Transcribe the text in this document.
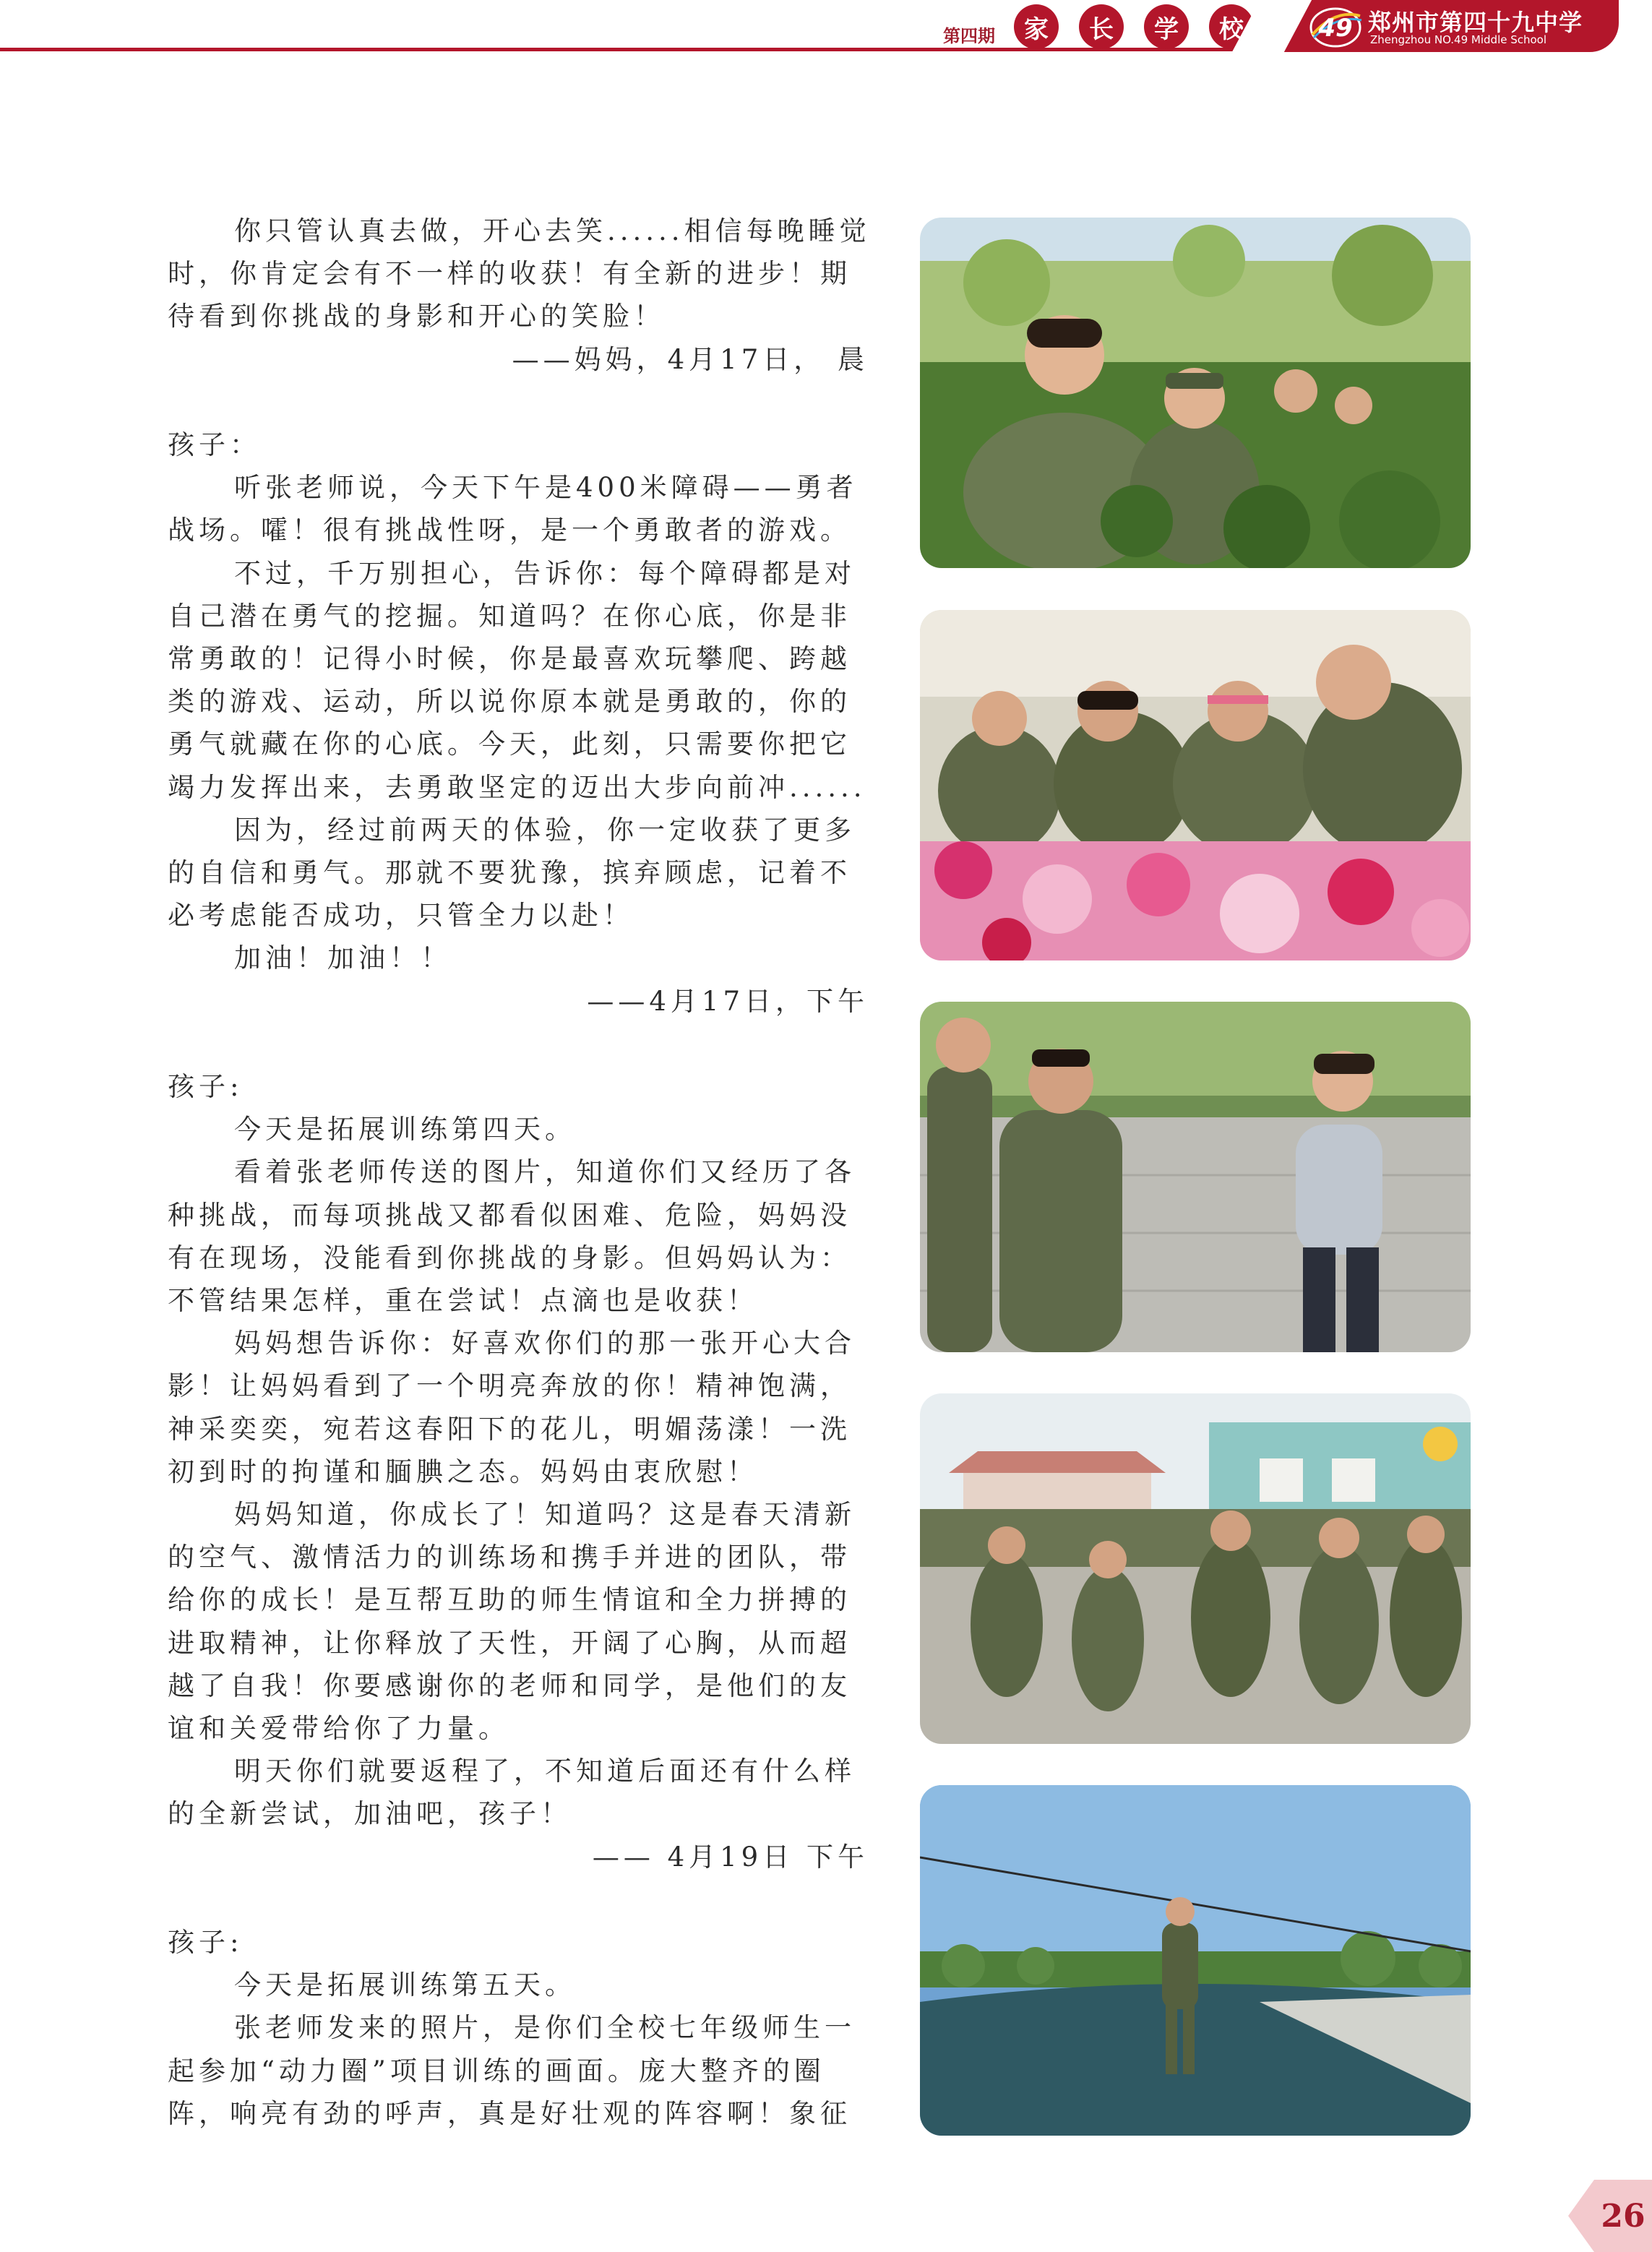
第四期	家	长	学	校	49 郑州市第四十九中学
Zhengzhou NO.49 Middle School

你只管认真去做，开心去笑......相信每晚睡觉

时，你肯定会有不一样的收获！有全新的进步！期

待看到你挑战的身影和开心的笑脸！

——妈妈，4月17日， 晨

孩子：

听张老师说，今天下午是400米障碍——勇者

战场。嚯！很有挑战性呀，是一个勇敢者的游戏。

不过，千万别担心，告诉你：每个障碍都是对

自己潜在勇气的挖掘。知道吗？在你心底，你是非

常勇敢的！记得小时候，你是最喜欢玩攀爬、跨越

类的游戏、运动，所以说你原本就是勇敢的，你的

勇气就藏在你的心底。今天，此刻，只需要你把它

竭力发挥出来，去勇敢坚定的迈出大步向前冲......

因为，经过前两天的体验，你一定收获了更多

的自信和勇气。那就不要犹豫，摈弃顾虑，记着不

必考虑能否成功，只管全力以赴！

加油！加油！！

——4月17日，下午

孩子:

今天是拓展训练第四天。

看着张老师传送的图片，知道你们又经历了各

种挑战，而每项挑战又都看似困难、危险，妈妈没

有在现场，没能看到你挑战的身影。但妈妈认为：

不管结果怎样，重在尝试！点滴也是收获！

妈妈想告诉你：好喜欢你们的那一张开心大合

影！让妈妈看到了一个明亮奔放的你！精神饱满，

神采奕奕，宛若这春阳下的花儿，明媚荡漾！一洗

初到时的拘谨和腼腆之态。妈妈由衷欣慰！

妈妈知道，你成长了！知道吗？这是春天清新

的空气、激情活力的训练场和携手并进的团队，带

给你的成长！是互帮互助的师生情谊和全力拼搏的

进取精神，让你释放了天性，开阔了心胸，从而超

越了自我！你要感谢你的老师和同学，是他们的友

谊和关爱带给你了力量。

明天你们就要返程了，不知道后面还有什么样

的全新尝试，加油吧，孩子！

—— 4月19日 下午

孩子:

今天是拓展训练第五天。

张老师发来的照片，是你们全校七年级师生一

起参加“动力圈”项目训练的画面。庞大整齐的圈

阵，响亮有劲的呼声，真是好壮观的阵容啊！象征

26
